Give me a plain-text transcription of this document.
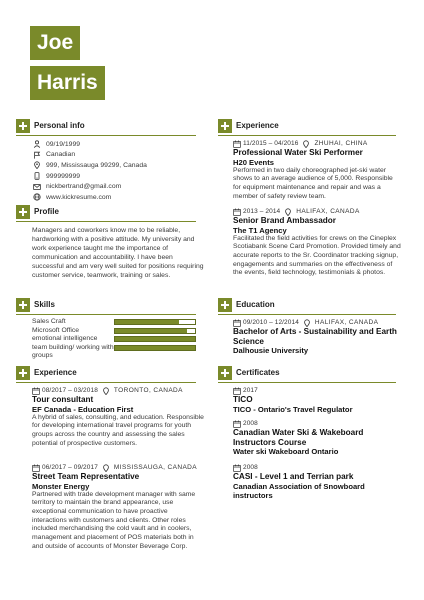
Joe
Harris
Personal info
09/19/1999
Canadian
999, Mississauga 99299, Canada
999999999
nickbertrand@gmail.com
www.kickresume.com
Profile
Managers and coworkers know me to be reliable, hardworking with a positive attitude. My university and work experience taught me the importance of communication and accountability. I have been successful and am very well suited for positions requiring customer service, teamwork, training or sales.
Skills
Sales Craft
Microsoft Office
emotional intelligence
team building/ working with groups
Experience
08/2017 – 03/2018 TORONTO, CANADA
Tour consultant
EF Canada - Education First
A hybrid of sales, consulting, and education. Responsible for developing international travel programs for youth groups across the country and assessing the sales potential of prospective customers.
06/2017 – 09/2017 MISSISSAUGA, CANADA
Street Team Representative
Monster Energy
Partnered with trade development manager with same territory to maintain the brand appearance, use exceptional communication to have proactive interactions with customers and clients. Other roles included merchandising the cold vault and in coolers, management and placement of POS materials both in and outside of accounts of Monster Beverage Corp.
Experience
11/2015 – 04/2016 ZHUHAI, CHINA
Professional Water Ski Performer
H20 Events
Performed in two daily choreographed jet-ski water shows to an average audience of 5,000. Responsible for equipment maintenance and repair and was a member of safety review team.
2013 – 2014 HALIFAX, CANADA
Senior Brand Ambassador
The T1 Agency
Facilitated the field activities for crews on the Cineplex Scotiabank Scene Card Promotion. Provided timely and accurate reports to the Sr. Coordinator tracking signup, engagements and summaries on the effectiveness of the events, field technology, testimonials & photos.
Education
09/2010 – 12/2014 HALIFAX, CANADA
Bachelor of Arts - Sustainability and Earth Science
Dalhousie University
Certificates
2017
TICO
TICO - Ontario's Travel Regulator
2008
Canadian Water Ski & Wakeboard Instructors Course
Water ski Wakeboard Ontario
2008
CASI - Level 1 and Terrian park
Canadian Association of Snowboard instructors
